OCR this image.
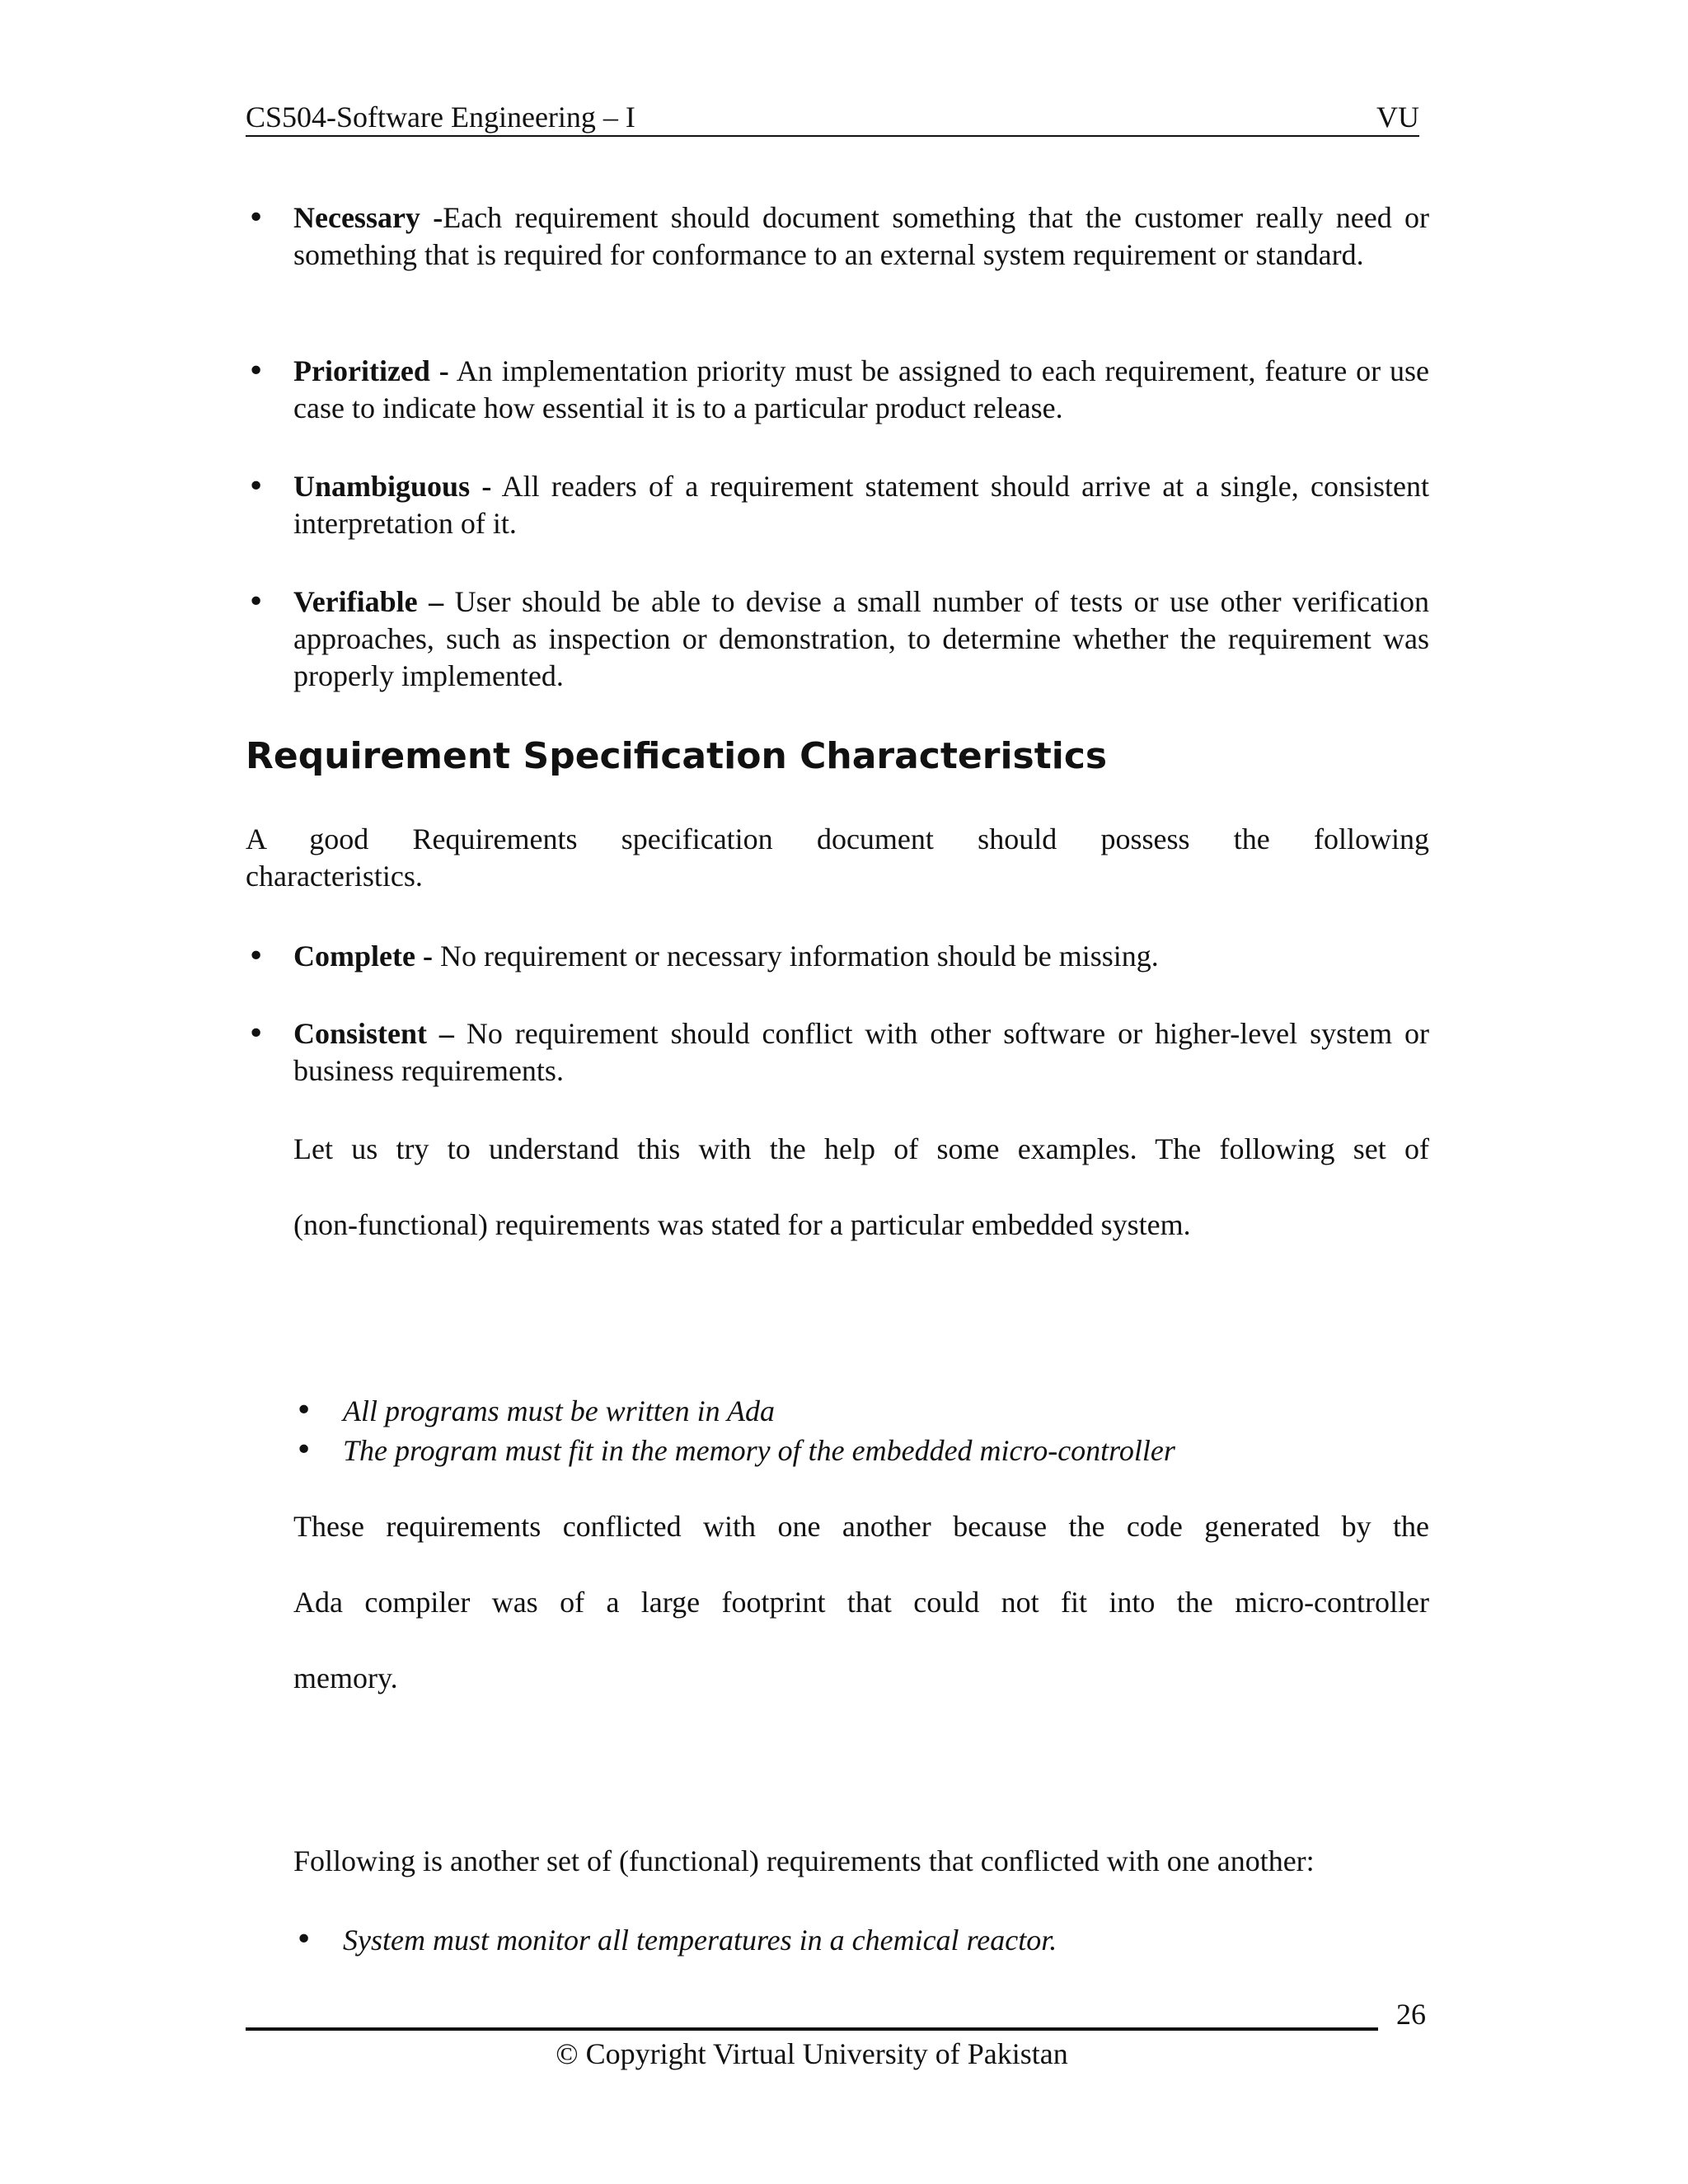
CS504-Software Engineering – I	VU
• Necessary -Each requirement should document something that the customer really need or something that is required for conformance to an external system requirement or standard.

• Prioritized - An implementation priority must be assigned to each requirement, feature or use case to indicate how essential it is to a particular product release.

• Unambiguous - All readers of a requirement statement should arrive at a single, consistent interpretation of it.

• Verifiable – User should be able to devise a small number of tests or use other verification approaches, such as inspection or demonstration, to determine whether the requirement was properly implemented.

Requirement Specification Characteristics

A good Requirements specification document should possess the following

characteristics.

• Complete - No requirement or necessary information should be missing.

• Consistent – No requirement should conflict with other software or higher-level system or business requirements.

Let us try to understand this with the help of some examples. The following set of

(non-functional) requirements was stated for a particular embedded system.

• All programs must be written in Ada
• The program must fit in the memory of the embedded micro-controller

These requirements conflicted with one another because the code generated by the

Ada compiler was of a large footprint that could not fit into the micro-controller

memory.

Following is another set of (functional) requirements that conflicted with one another:

• System must monitor all temperatures in a chemical reactor.
26
© Copyright Virtual University of Pakistan
